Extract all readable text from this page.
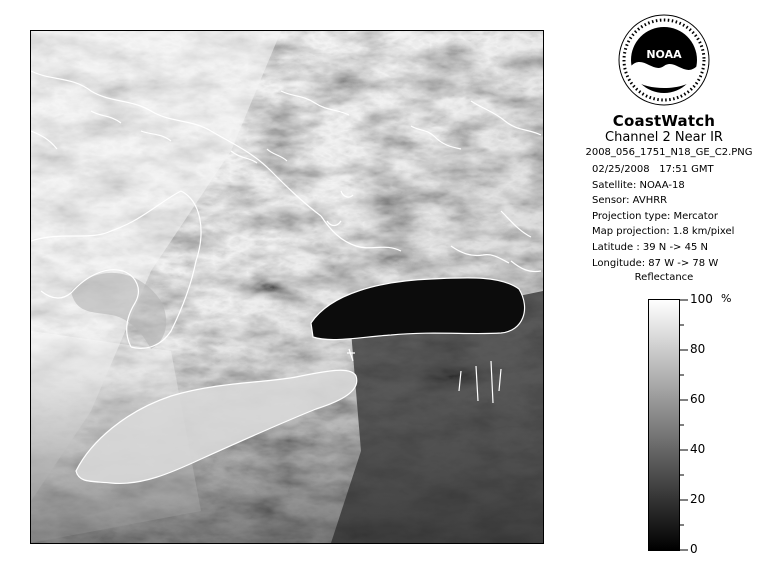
NOAA
CoastWatch
Channel 2 Near IR
2008_056_1751_N18_GE_C2.PNG
02/25/2008 17:51 GMT
Satellite: NOAA-18
Sensor: AVHRR
Projection type: Mercator
Map projection: 1.8 km/pixel
Latitude : 39 N -> 45 N
Longitude: 87 W -> 78 W
Reflectance
100
80
60
40
20
0
%
